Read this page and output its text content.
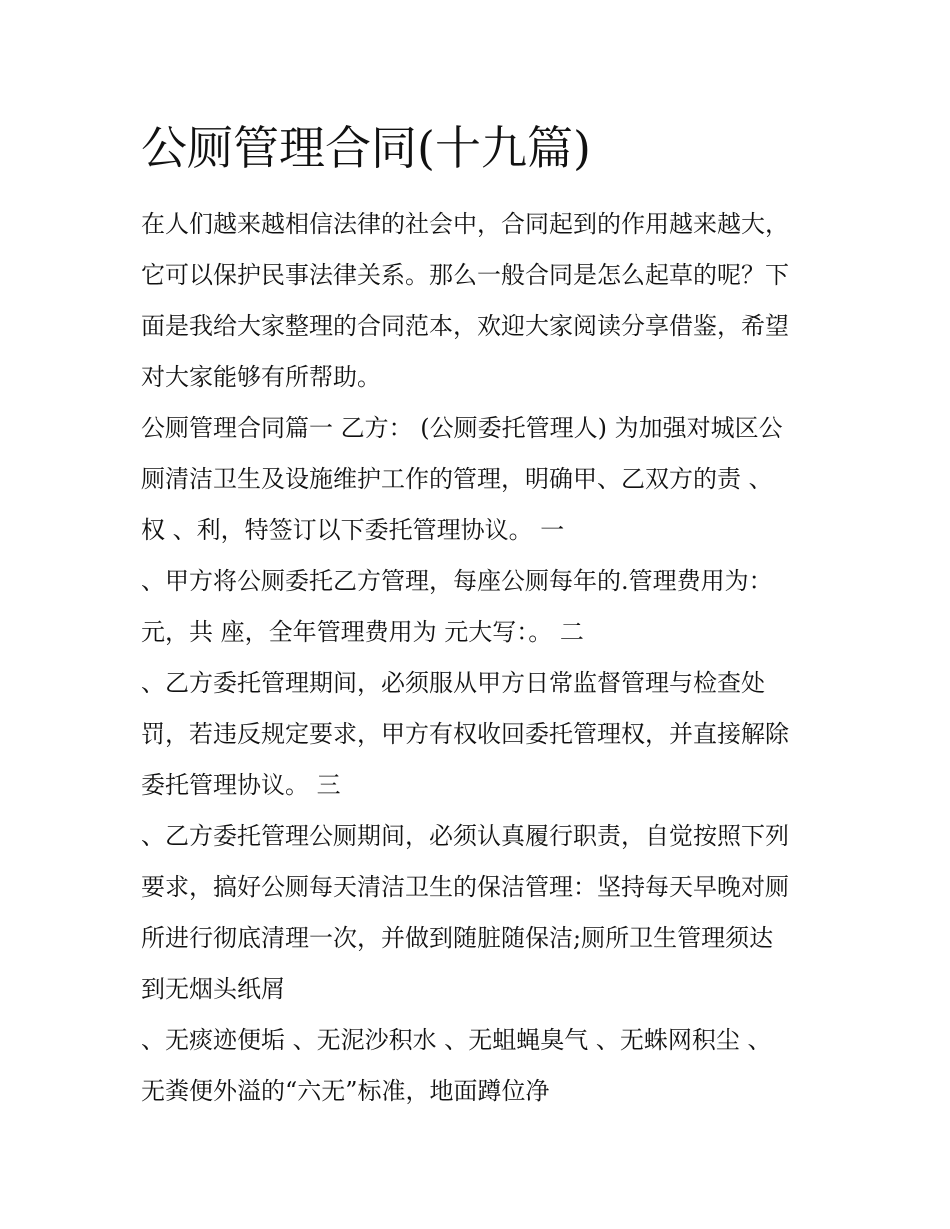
公厕管理合同(十九篇)
在人们越来越相信法律的社会中，合同起到的作用越来越大，
它可以保护民事法律关系。那么一般合同是怎么起草的呢？下
面是我给大家整理的合同范本，欢迎大家阅读分享借鉴，希望
对大家能够有所帮助。
公厕管理合同篇一 乙方： (公厕委托管理人) 为加强对城区公
厕清洁卫生及设施维护工作的管理，明确甲、乙双方的责 、
权 、利，特签订以下委托管理协议。 一
、甲方将公厕委托乙方管理，每座公厕每年的.管理费用为：
元，共 座，全年管理费用为 元大写：。 二
、乙方委托管理期间，必须服从甲方日常监督管理与检查处
罚，若违反规定要求，甲方有权收回委托管理权，并直接解除
委托管理协议。 三
、乙方委托管理公厕期间，必须认真履行职责，自觉按照下列
要求，搞好公厕每天清洁卫生的保洁管理：坚持每天早晚对厕
所进行彻底清理一次，并做到随脏随保洁;厕所卫生管理须达
到无烟头纸屑
、无痰迹便垢 、无泥沙积水 、无蛆蝇臭气 、无蛛网积尘 、
无粪便外溢的“六无”标准，地面蹲位净
